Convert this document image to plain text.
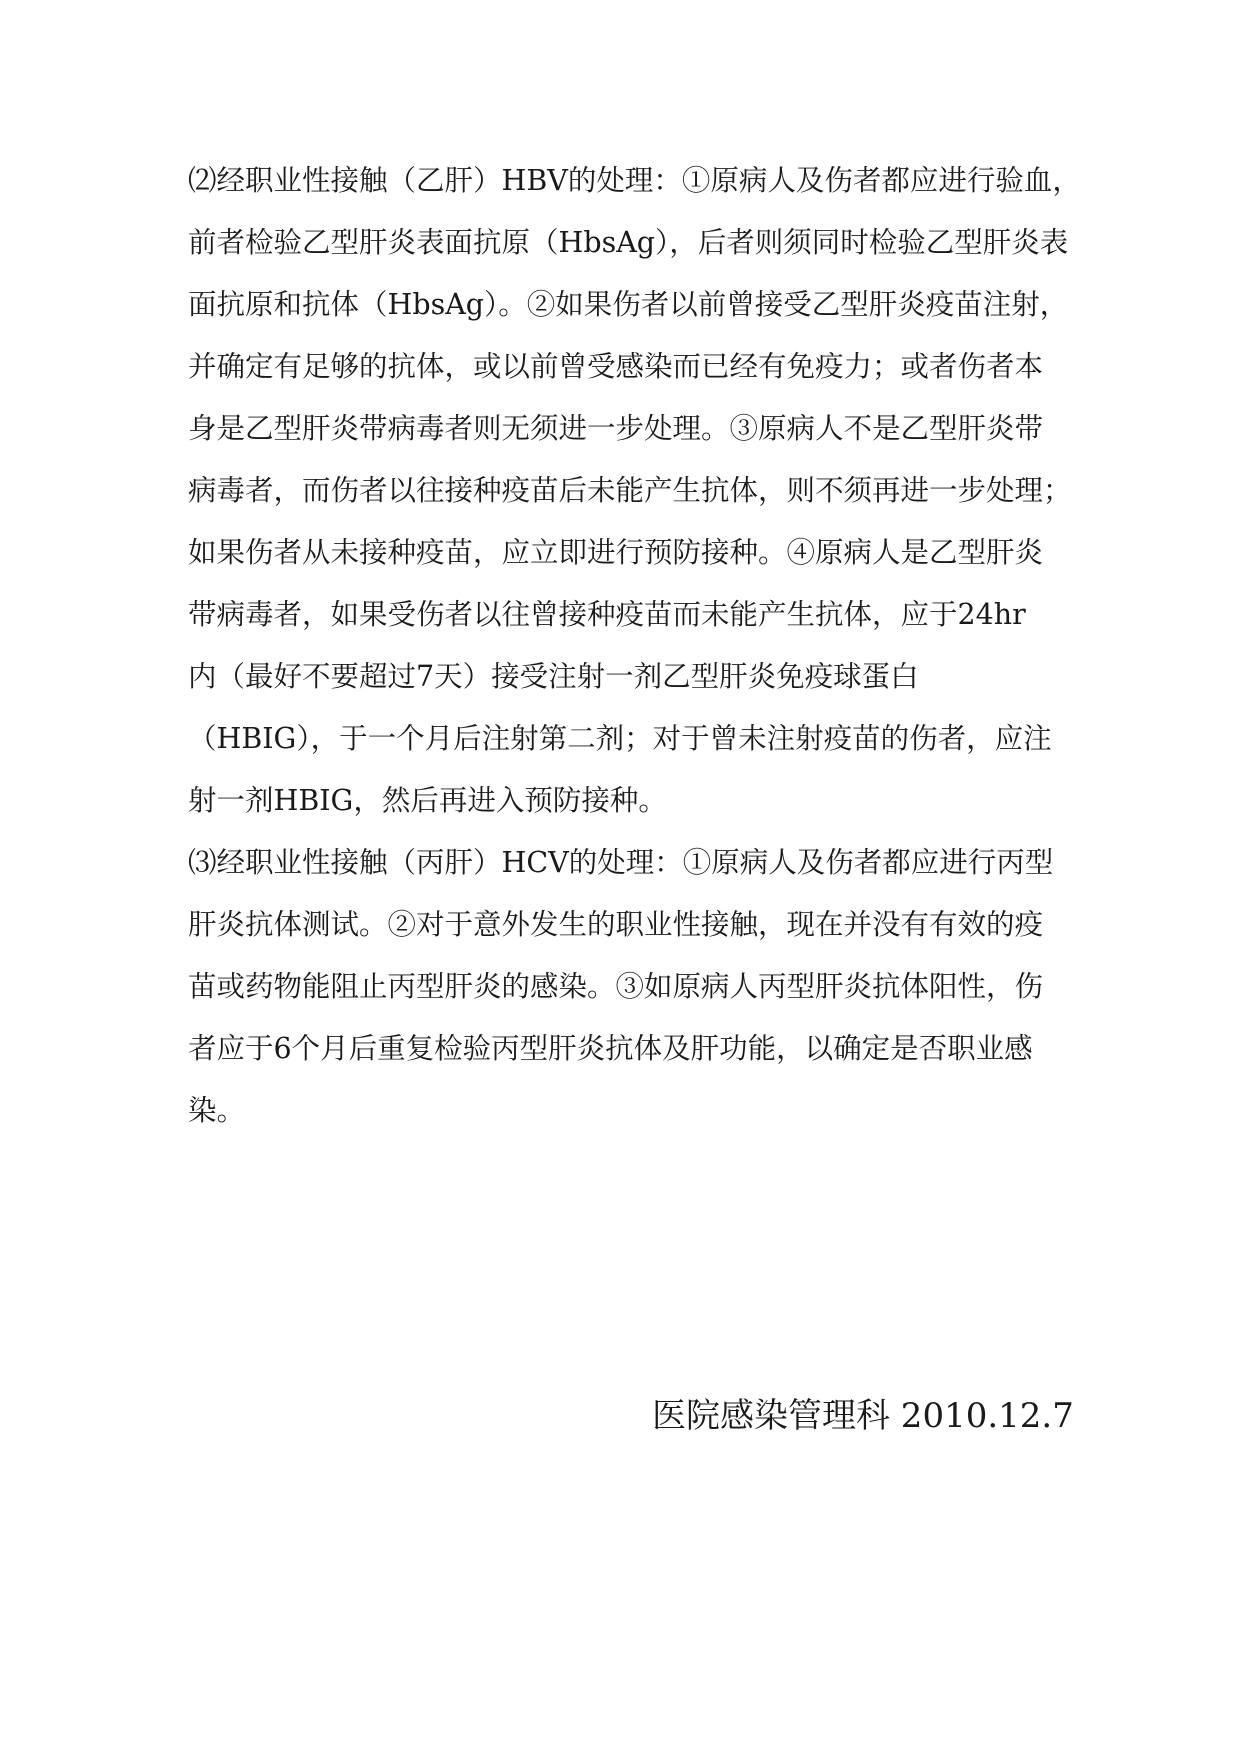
⑵经职业性接触（乙肝）HBV的处理：①原病人及伤者都应进行验血，
前者检验乙型肝炎表面抗原（HbsAg），后者则须同时检验乙型肝炎表
面抗原和抗体（HbsAg）。②如果伤者以前曾接受乙型肝炎疫苗注射，
并确定有足够的抗体，或以前曾受感染而已经有免疫力；或者伤者本
身是乙型肝炎带病毒者则无须进一步处理。③原病人不是乙型肝炎带
病毒者，而伤者以往接种疫苗后未能产生抗体，则不须再进一步处理；
如果伤者从未接种疫苗，应立即进行预防接种。④原病人是乙型肝炎
带病毒者，如果受伤者以往曾接种疫苗而未能产生抗体，应于24hr
内（最好不要超过7天）接受注射一剂乙型肝炎免疫球蛋白
（HBIG），于一个月后注射第二剂；对于曾未注射疫苗的伤者，应注
射一剂HBIG，然后再进入预防接种。
⑶经职业性接触（丙肝）HCV的处理：①原病人及伤者都应进行丙型
肝炎抗体测试。②对于意外发生的职业性接触，现在并没有有效的疫
苗或药物能阻止丙型肝炎的感染。③如原病人丙型肝炎抗体阳性，伤
者应于6个月后重复检验丙型肝炎抗体及肝功能，以确定是否职业感
染。
医院感染管理科 2010.12.7
